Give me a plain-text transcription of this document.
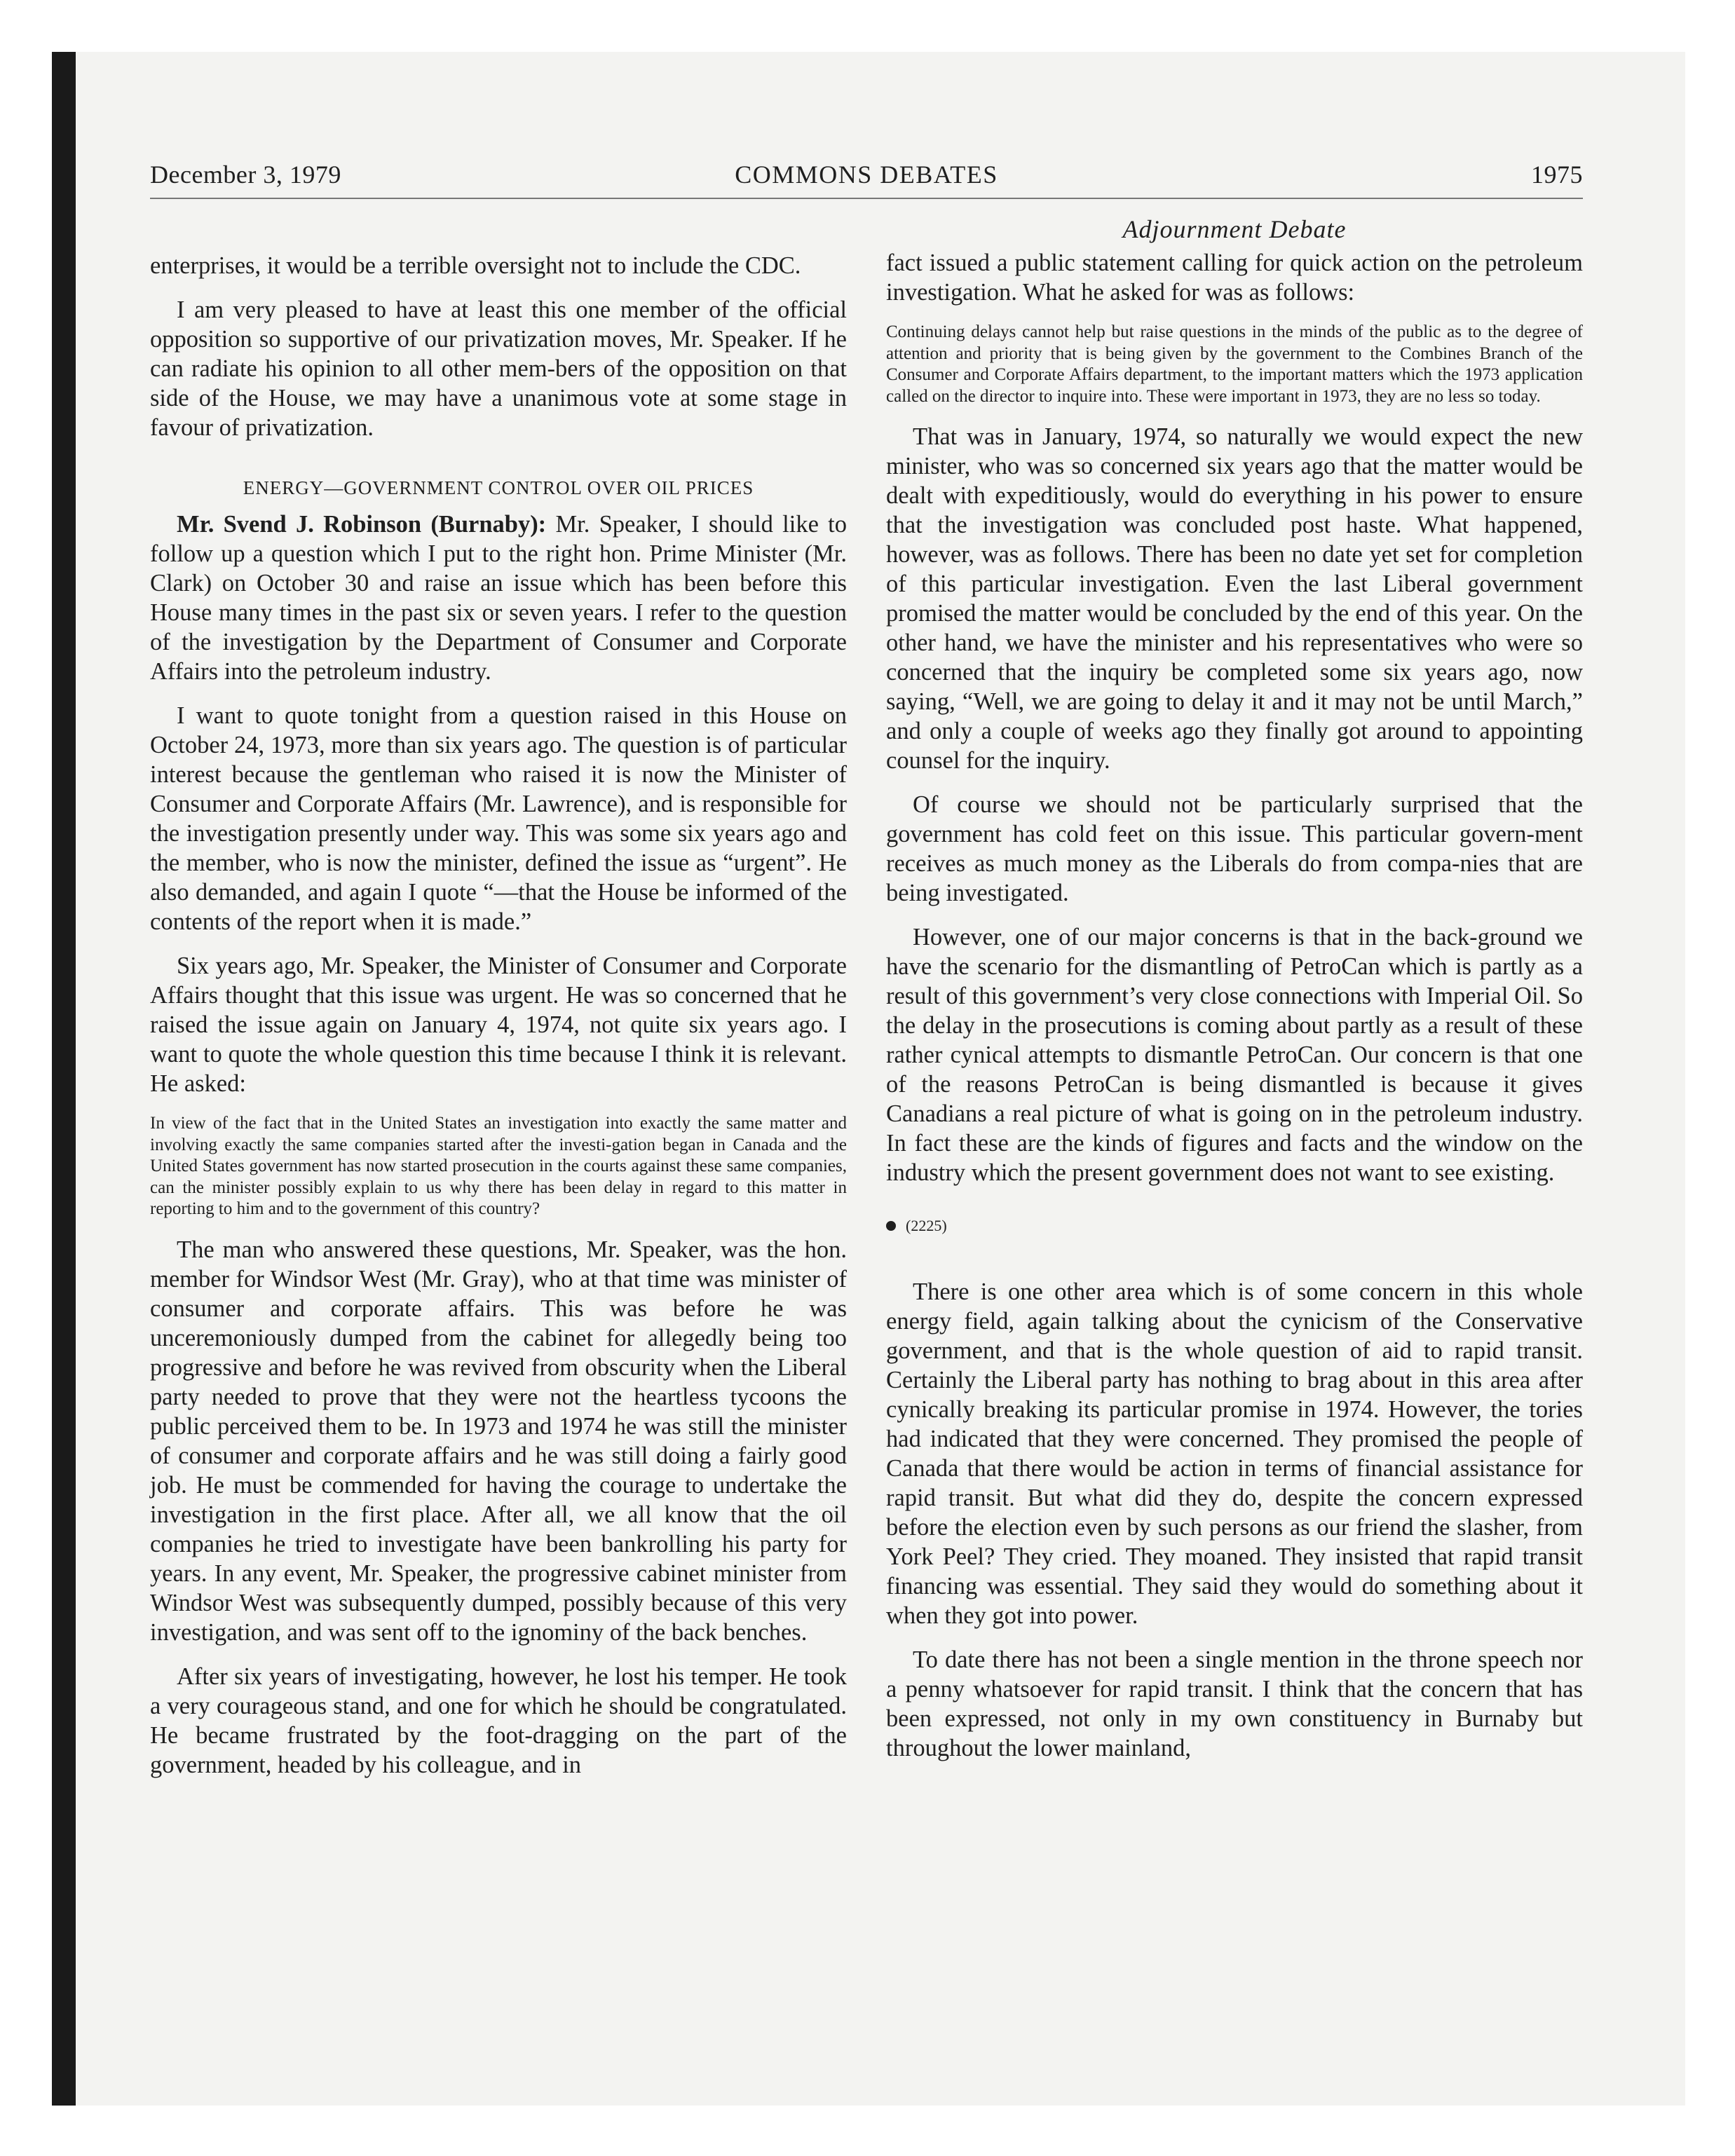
December 3, 1979	COMMONS DEBATES	1975

enterprises, it would be a terrible oversight not to include the CDC.

I am very pleased to have at least this one member of the official opposition so supportive of our privatization moves, Mr. Speaker. If he can radiate his opinion to all other mem-bers of the opposition on that side of the House, we may have a unanimous vote at some stage in favour of privatization.

ENERGY—GOVERNMENT CONTROL OVER OIL PRICES

Mr. Svend J. Robinson (Burnaby): Mr. Speaker, I should like to follow up a question which I put to the right hon. Prime Minister (Mr. Clark) on October 30 and raise an issue which has been before this House many times in the past six or seven years. I refer to the question of the investigation by the Department of Consumer and Corporate Affairs into the petroleum industry.

I want to quote tonight from a question raised in this House on October 24, 1973, more than six years ago. The question is of particular interest because the gentleman who raised it is now the Minister of Consumer and Corporate Affairs (Mr. Lawrence), and is responsible for the investigation presently under way. This was some six years ago and the member, who is now the minister, defined the issue as “urgent”. He also demanded, and again I quote “—that the House be informed of the contents of the report when it is made.”

Six years ago, Mr. Speaker, the Minister of Consumer and Corporate Affairs thought that this issue was urgent. He was so concerned that he raised the issue again on January 4, 1974, not quite six years ago. I want to quote the whole question this time because I think it is relevant. He asked:

In view of the fact that in the United States an investigation into exactly the same matter and involving exactly the same companies started after the investi-gation began in Canada and the United States government has now started prosecution in the courts against these same companies, can the minister possibly explain to us why there has been delay in regard to this matter in reporting to him and to the government of this country?

The man who answered these questions, Mr. Speaker, was the hon. member for Windsor West (Mr. Gray), who at that time was minister of consumer and corporate affairs. This was before he was unceremoniously dumped from the cabinet for allegedly being too progressive and before he was revived from obscurity when the Liberal party needed to prove that they were not the heartless tycoons the public perceived them to be. In 1973 and 1974 he was still the minister of consumer and corporate affairs and he was still doing a fairly good job. He must be commended for having the courage to undertake the investigation in the first place. After all, we all know that the oil companies he tried to investigate have been bankrolling his party for years. In any event, Mr. Speaker, the progressive cabinet minister from Windsor West was subsequently dumped, possibly because of this very investigation, and was sent off to the ignominy of the back benches.

After six years of investigating, however, he lost his temper. He took a very courageous stand, and one for which he should be congratulated. He became frustrated by the foot-dragging on the part of the government, headed by his colleague, and in

Adjournment Debate

fact issued a public statement calling for quick action on the petroleum investigation. What he asked for was as follows:

Continuing delays cannot help but raise questions in the minds of the public as to the degree of attention and priority that is being given by the government to the Combines Branch of the Consumer and Corporate Affairs department, to the important matters which the 1973 application called on the director to inquire into. These were important in 1973, they are no less so today.

That was in January, 1974, so naturally we would expect the new minister, who was so concerned six years ago that the matter would be dealt with expeditiously, would do everything in his power to ensure that the investigation was concluded post haste. What happened, however, was as follows. There has been no date yet set for completion of this particular investigation. Even the last Liberal government promised the matter would be concluded by the end of this year. On the other hand, we have the minister and his representatives who were so concerned that the inquiry be completed some six years ago, now saying, “Well, we are going to delay it and it may not be until March,” and only a couple of weeks ago they finally got around to appointing counsel for the inquiry.

Of course we should not be particularly surprised that the government has cold feet on this issue. This particular govern-ment receives as much money as the Liberals do from compa-nies that are being investigated.

However, one of our major concerns is that in the back-ground we have the scenario for the dismantling of PetroCan which is partly as a result of this government’s very close connections with Imperial Oil. So the delay in the prosecutions is coming about partly as a result of these rather cynical attempts to dismantle PetroCan. Our concern is that one of the reasons PetroCan is being dismantled is because it gives Canadians a real picture of what is going on in the petroleum industry. In fact these are the kinds of figures and facts and the window on the industry which the present government does not want to see existing.

(2225)

There is one other area which is of some concern in this whole energy field, again talking about the cynicism of the Conservative government, and that is the whole question of aid to rapid transit. Certainly the Liberal party has nothing to brag about in this area after cynically breaking its particular promise in 1974. However, the tories had indicated that they were concerned. They promised the people of Canada that there would be action in terms of financial assistance for rapid transit. But what did they do, despite the concern expressed before the election even by such persons as our friend the slasher, from York Peel? They cried. They moaned. They insisted that rapid transit financing was essential. They said they would do something about it when they got into power.

To date there has not been a single mention in the throne speech nor a penny whatsoever for rapid transit. I think that the concern that has been expressed, not only in my own constituency in Burnaby but throughout the lower mainland,
